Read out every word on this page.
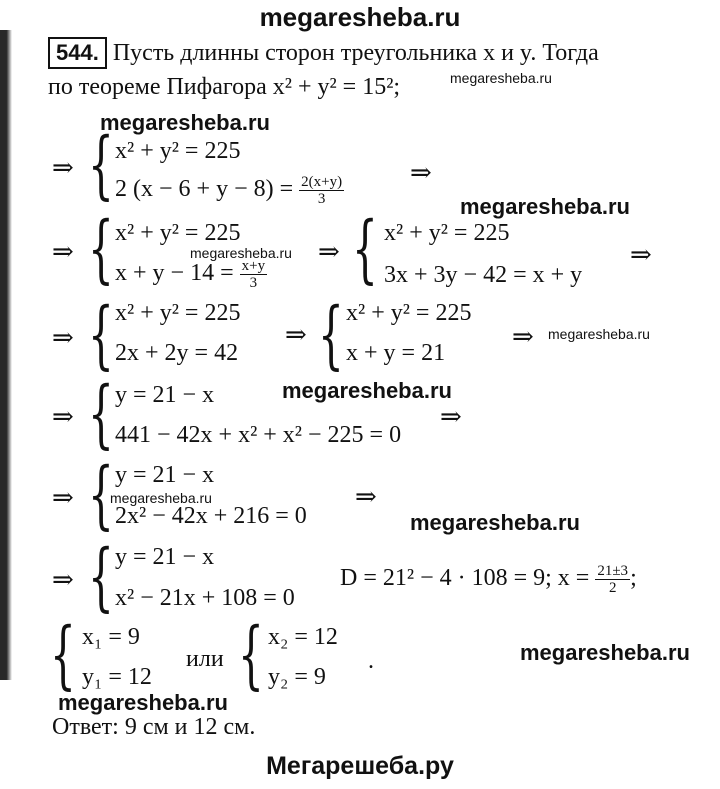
megaresheba.ru
544. Пусть длинны сторон треугольника x и y. Тогда
по теореме Пифагора x² + y² = 15²;	megaresheba.ru
megaresheba.ru
⇒ { x² + y² = 225
2 $(x - 6 + y - 8) = \frac{2(x+y)}{3}$
⇒
megaresheba.ru
⇒ { x² + y² = 225
megaresheba.ru
$x + y - 14 = \frac{x+y}{3}$
⇒ { x² + y² = 225
3x + 3y − 42 = x + y
⇒
⇒ { x² + y² = 225
2x + 2y = 42
⇒ { x² + y² = 225
x + y = 21
⇒ megaresheba.ru
megaresheba.ru
⇒ { y = 21 − x
441 − 42x + x² + x² − 225 = 0
⇒
⇒ { y = 21 − x
2x² − 42x + 216 = 0
megaresheba.ru	⇒
megaresheba.ru
⇒ { y = 21 − x
x² − 21x + 108 = 0
D = 21² − 4 · 108 = 9; $x = \frac{21\pm 3}{2}$ ;
{ x₁ = 9
y₁ = 12
или { x₂ = 12
y₂ = 9
.	megaresheba.ru
megaresheba.ru
Ответ: 9 см и 12 см.
Мегарешеба.ру
